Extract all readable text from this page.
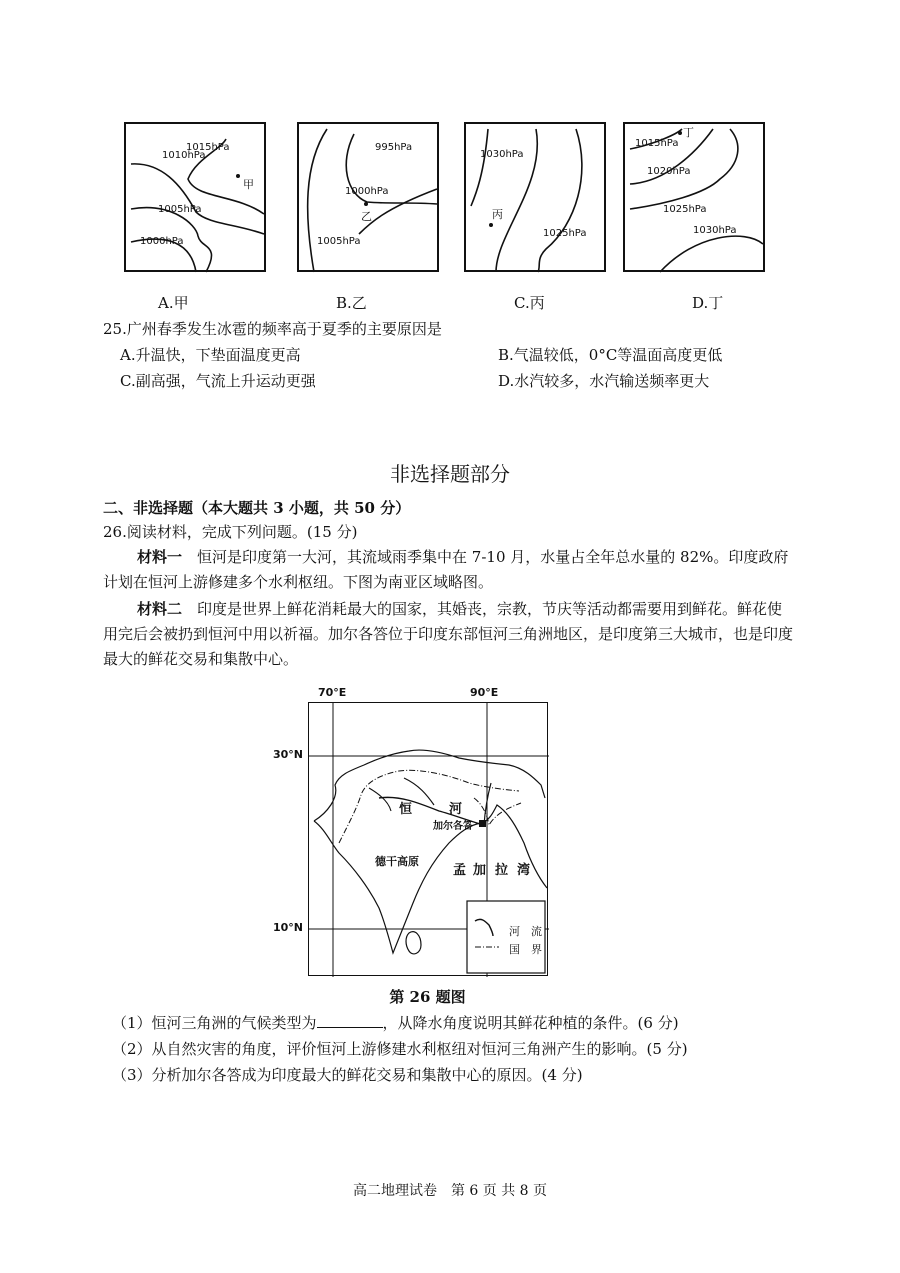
1015hPa
1010hPa
1005hPa
1000hPa
甲
995hPa
1000hPa
1005hPa
乙
1030hPa
1025hPa
丙
1015hPa
1020hPa
1025hPa
1030hPa
丁
A.甲	B.乙	C.丙	D.丁
25.广州春季发生冰雹的频率高于夏季的主要原因是
A.升温快，下垫面温度更高	B.气温较低，0°C等温面高度更低
C.副高强，气流上升运动更强	D.水汽较多，水汽输送频率更大
非选择题部分
二、非选择题（本大题共 3 小题，共 50 分）
26.阅读材料，完成下列问题。(15 分)
材料一　 恒河是印度第一大河，其流域雨季集中在 7-10 月，水量占全年总水量的 82%。印度政府计划在恒河上游修建多个水利枢纽。下图为南亚区域略图。
材料二　 印度是世界上鲜花消耗最大的国家，其婚丧，宗教，节庆等活动都需要用到鲜花。鲜花使用完后会被扔到恒河中用以祈福。加尔各答位于印度东部恒河三角洲地区，是印度第三大城市，也是印度最大的鲜花交易和集散中心。
恒	河
加尔各答
德干高原
孟 加 拉 湾
河　流
国　界
70°E	90°E
30°N
10°N
第 26 题图
（1）恒河三角洲的气候类型为	，从降水角度说明其鲜花种植的条件。(6 分)
（2）从自然灾害的角度，评价恒河上游修建水利枢纽对恒河三角洲产生的影响。(5 分)
（3）分析加尔各答成为印度最大的鲜花交易和集散中心的原因。(4 分)
高二地理试卷　第 6 页 共 8 页
